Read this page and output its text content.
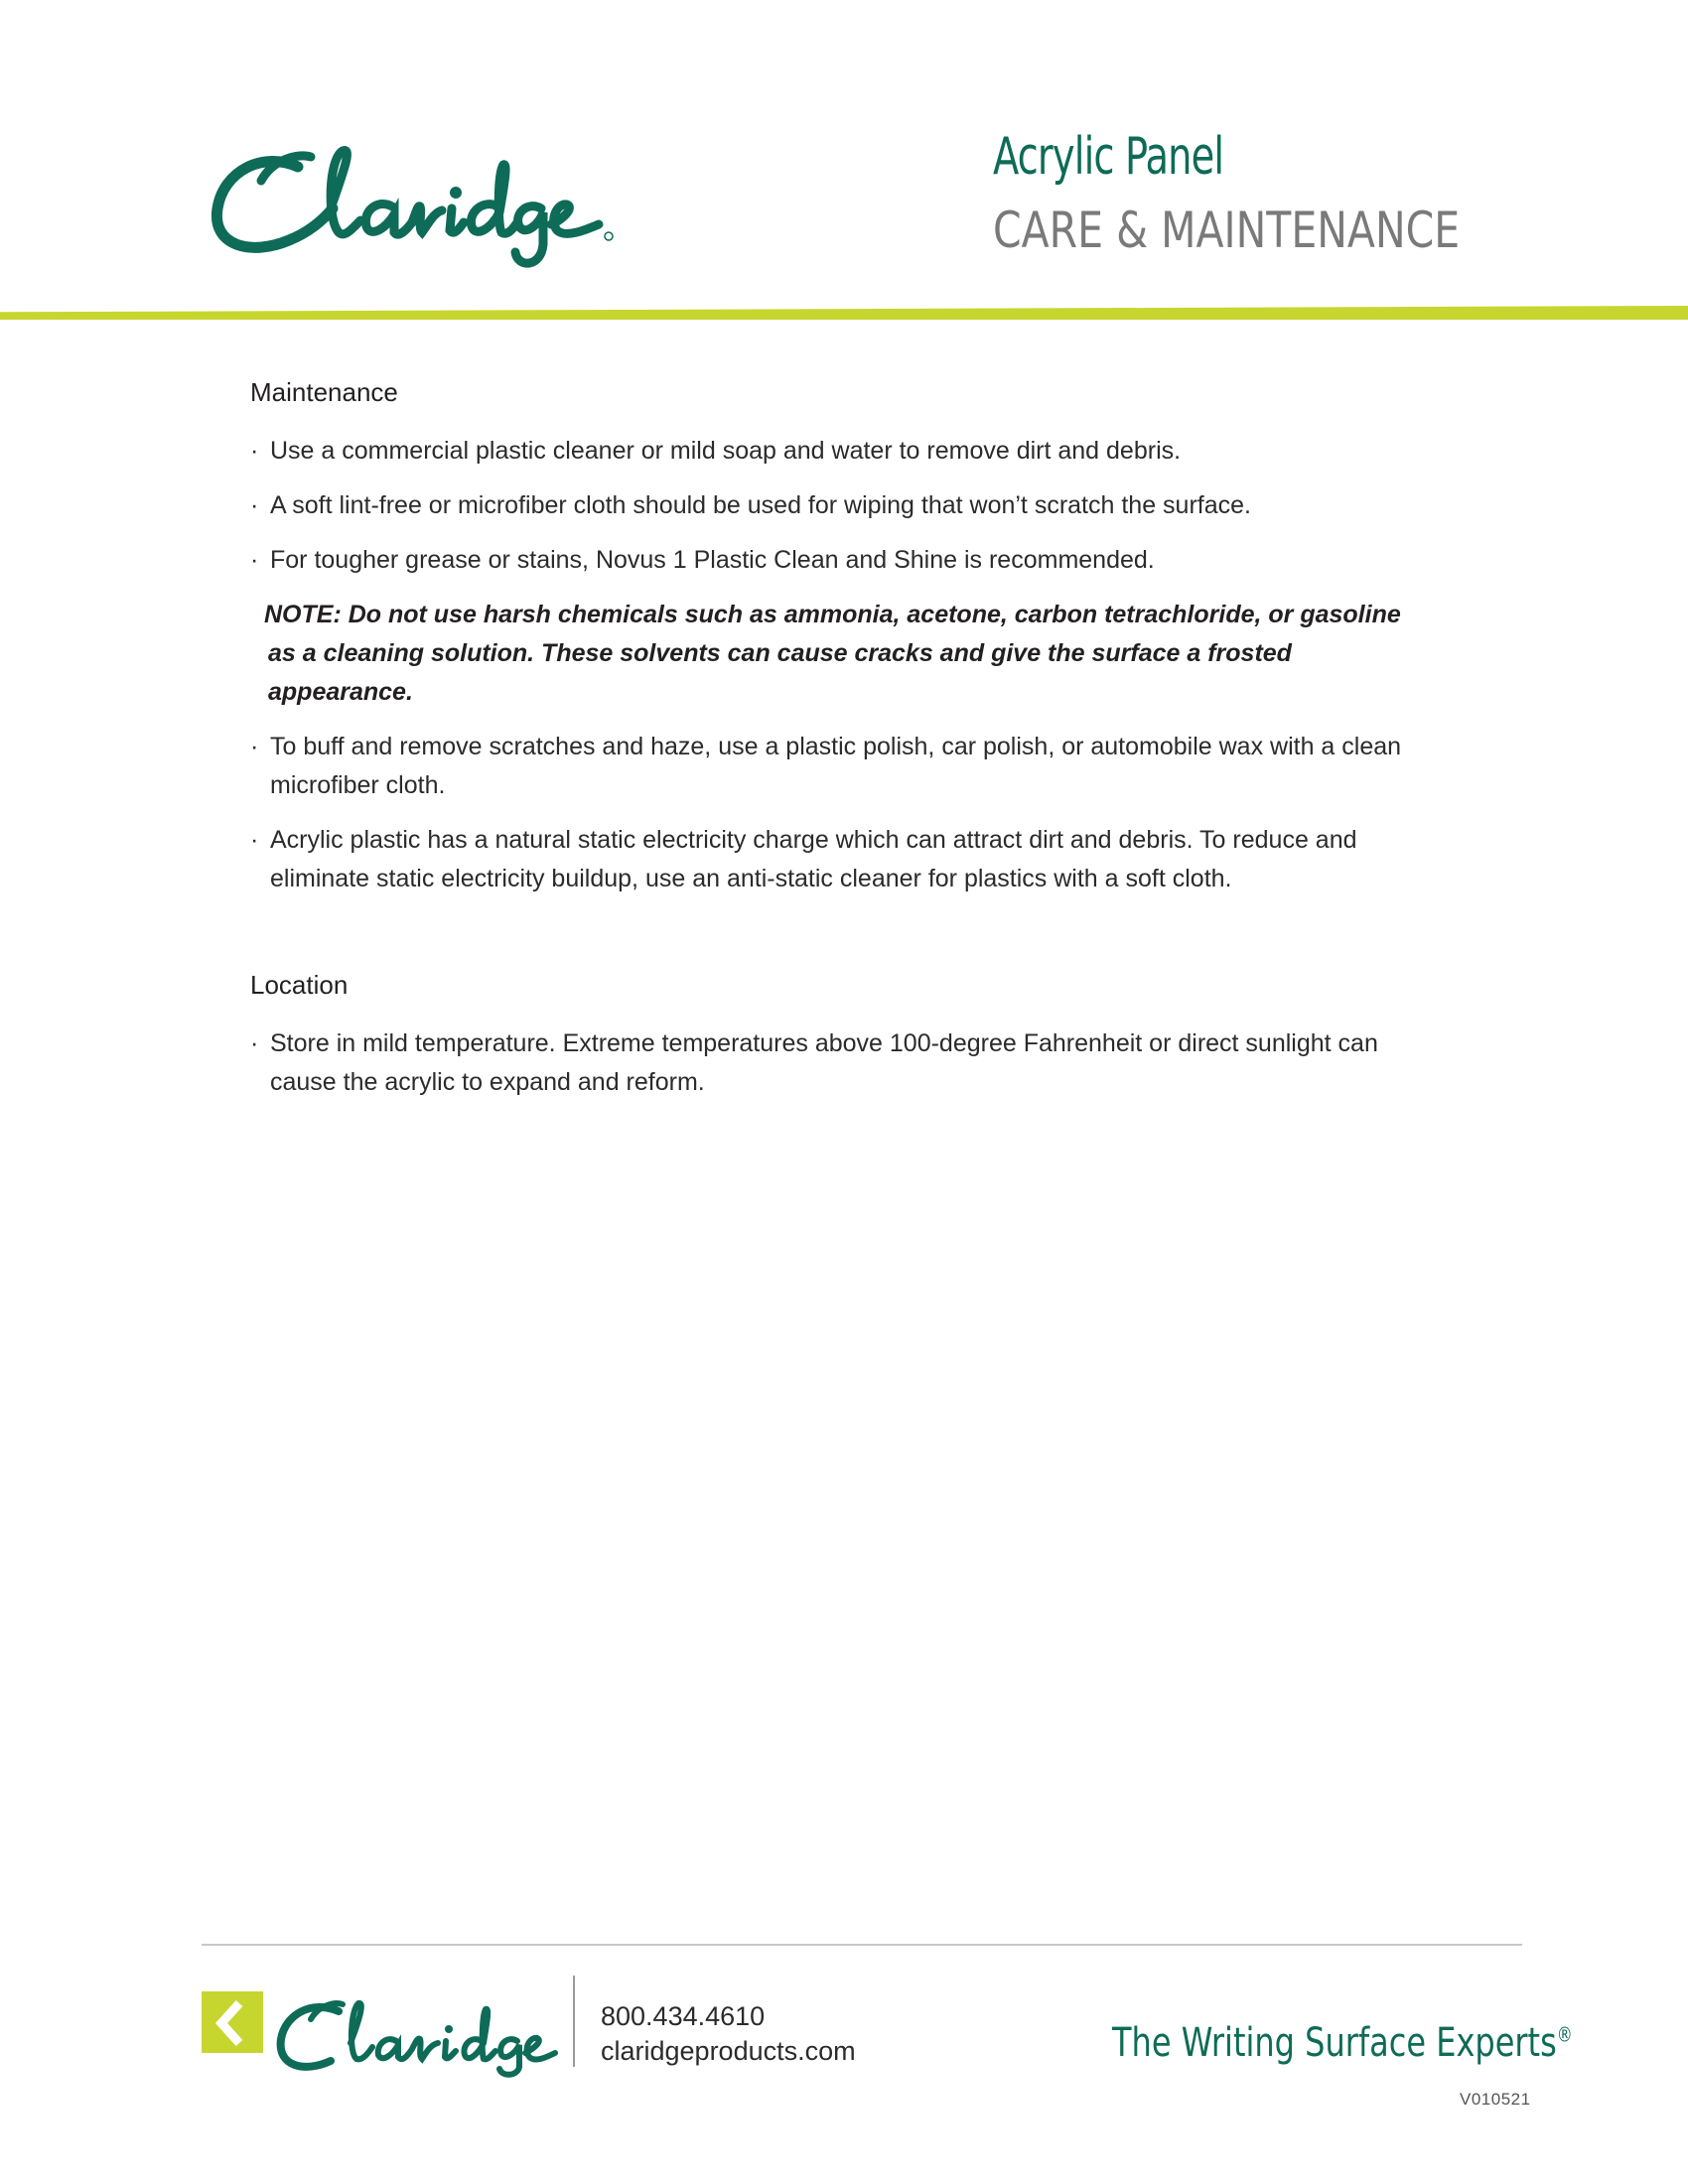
Acrylic Panel
CARE & MAINTENANCE
Maintenance

· Use a commercial plastic cleaner or mild soap and water to remove dirt and debris.

· A soft lint-free or microfiber cloth should be used for wiping that won’t scratch the surface.

· For tougher grease or stains, Novus 1 Plastic Clean and Shine is recommended.

NOTE: Do not use harsh chemicals such as ammonia, acetone, carbon tetrachloride, or gasoline as a cleaning solution. These solvents can cause cracks and give the surface a frosted appearance.

· To buff and remove scratches and haze, use a plastic polish, car polish, or automobile wax with a clean microfiber cloth.

· Acrylic plastic has a natural static electricity charge which can attract dirt and debris. To reduce and eliminate static electricity buildup, use an anti-static cleaner for plastics with a soft cloth.

Location

· Store in mild temperature. Extreme temperatures above 100-degree Fahrenheit or direct sunlight can cause the acrylic to expand and reform.

800.434.4610
claridgeproducts.com	The Writing Surface Experts®
V010521
